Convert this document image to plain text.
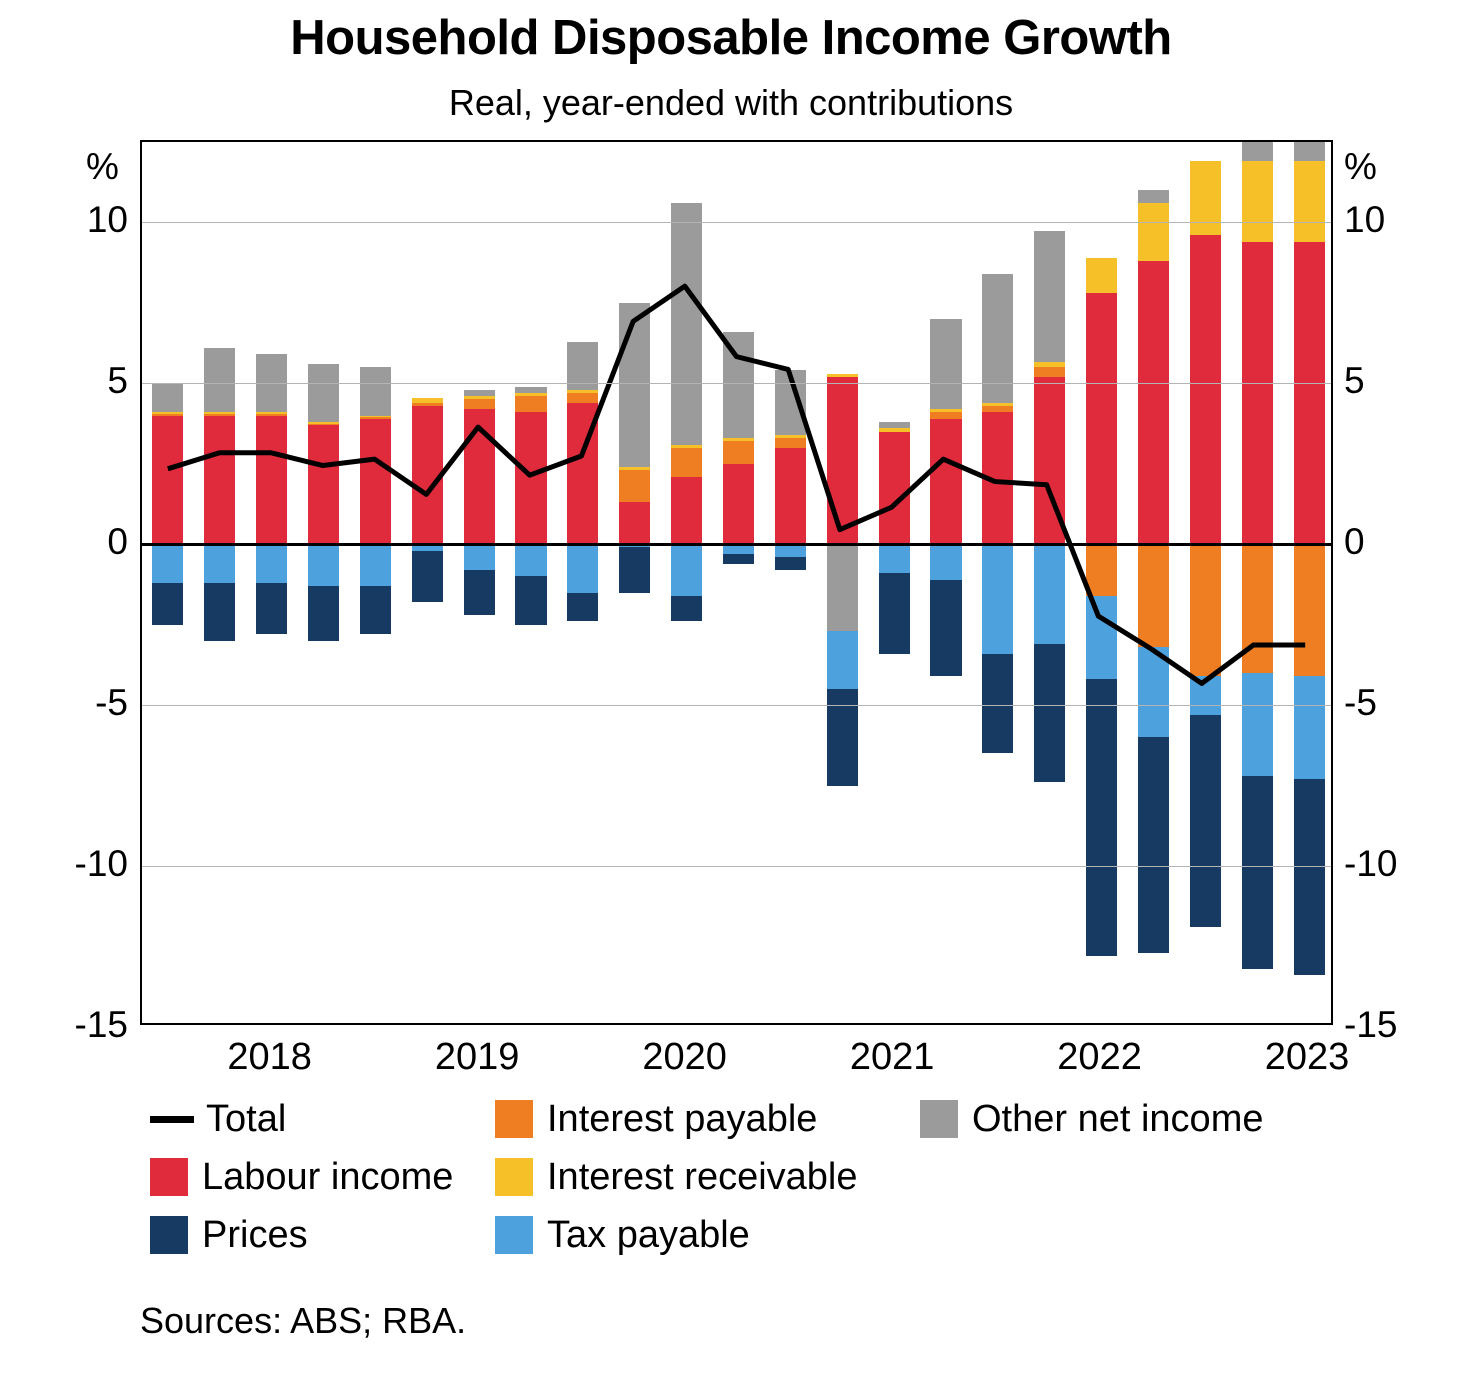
Household Disposable Income Growth
Real, year-ended with contributions
%	%
10	10
5	5
0	0
-5	-5
-10	-10
-15	-15
2018	2019	2020	2021	2022	2023
Total	Interest payable	Other net income
Labour income Interest receivable
Prices	Tax payable
Sources: ABS; RBA.
